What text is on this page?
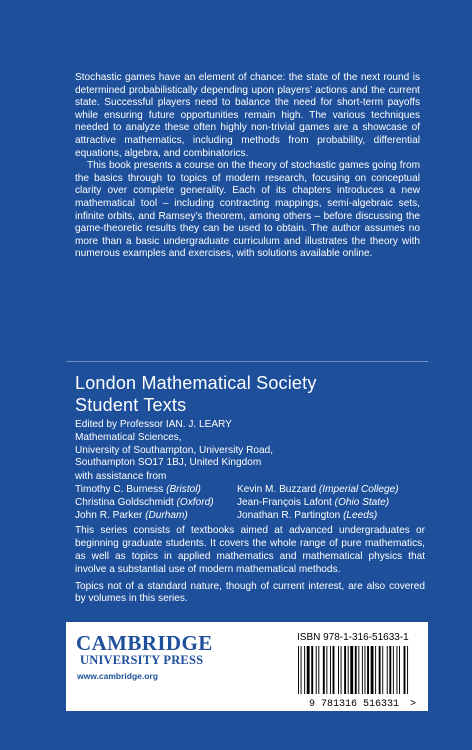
Stochastic games have an element of chance: the state of the next round is determined probabilistically depending upon players’ actions and the current state. Successful players need to balance the need for short-term payoffs while ensuring future opportunities remain high. The various techniques needed to analyze these often highly non-trivial games are a showcase of attractive mathematics, including methods from probability, differential equations, algebra, and combinatorics.

This book presents a course on the theory of stochastic games going from the basics through to topics of modern research, focusing on conceptual clarity over complete generality. Each of its chapters introduces a new mathematical tool – including contracting mappings, semi-algebraic sets, infinite orbits, and Ramsey’s theorem, among others – before discussing the game-theoretic results they can be used to obtain. The author assumes no more than a basic undergraduate curriculum and illustrates the theory with numerous examples and exercises, with solutions available online.

London Mathematical Society
Student Texts
Edited by Professor IAN. J. LEARY
Mathematical Sciences,
University of Southampton, University Road,
Southampton SO17 1BJ, United Kingdom
with assistance from
Timothy C. Burness (Bristol)	Kevin M. Buzzard (Imperial College)
Christina Goldschmidt (Oxford)	Jean-François Lafont (Ohio State)
John R. Parker (Durham)	Jonathan R. Partington (Leeds)

This series consists of textbooks aimed at advanced undergraduates or beginning graduate students. It covers the whole range of pure mathematics, as well as topics in applied mathematics and mathematical physics that involve a substantial use of modern mathematical methods.

Topics not of a standard nature, though of current interest, are also covered by volumes in this series.

CAMBRIDGE
UNIVERSITY PRESS
www.cambridge.org
ISBN 978-1-316-51633-1
9 781316 516331 >
